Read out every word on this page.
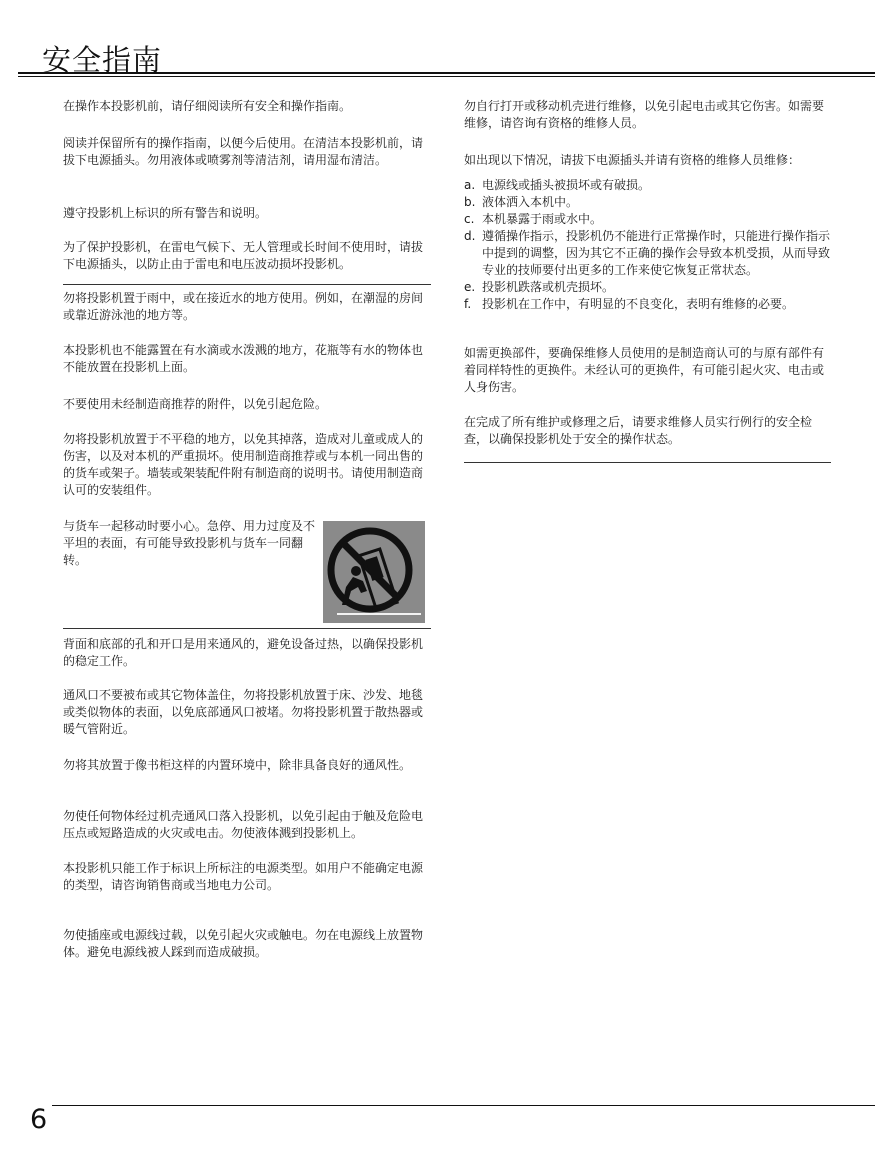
安全指南

在操作本投影机前，请仔细阅读所有安全和操作指南。

阅读并保留所有的操作指南，以便今后使用。在清洁本投影机前，请拔下电源插头。勿用液体或喷雾剂等清洁剂，请用湿布清洁。

遵守投影机上标识的所有警告和说明。

为了保护投影机，在雷电气候下、无人管理或长时间不使用时，请拔下电源插头，以防止由于雷电和电压波动损坏投影机。

勿将投影机置于雨中，或在接近水的地方使用。例如，在潮湿的房间或靠近游泳池的地方等。

本投影机也不能露置在有水滴或水泼溅的地方，花瓶等有水的物体也不能放置在投影机上面。

不要使用未经制造商推荐的附件，以免引起危险。

勿将投影机放置于不平稳的地方，以免其掉落，造成对儿童或成人的伤害，以及对本机的严重损坏。使用制造商推荐或与本机一同出售的的货车或架子。墙装或架装配件附有制造商的说明书。请使用制造商认可的安装组件。

与货车一起移动时要小心。急停、用力过度及不平坦的表面，有可能导致投影机与货车一同翻转。

背面和底部的孔和开口是用来通风的，避免设备过热，以确保投影机的稳定工作。

通风口不要被布或其它物体盖住，勿将投影机放置于床、沙发、地毯或类似物体的表面，以免底部通风口被堵。勿将投影机置于散热器或暖气管附近。

勿将其放置于像书柜这样的内置环境中，除非具备良好的通风性。

勿使任何物体经过机壳通风口落入投影机，以免引起由于触及危险电压点或短路造成的火灾或电击。勿使液体溅到投影机上。

本投影机只能工作于标识上所标注的电源类型。如用户不能确定电源的类型，请咨询销售商或当地电力公司。

勿使插座或电源线过载，以免引起火灾或触电。勿在电源线上放置物体。避免电源线被人踩到而造成破损。

勿自行打开或移动机壳进行维修，以免引起电击或其它伤害。如需要维修，请咨询有资格的维修人员。

如出现以下情况，请拔下电源插头并请有资格的维修人员维修：

a. 电源线或插头被损坏或有破损。
b. 液体洒入本机中。
c. 本机暴露于雨或水中。
d. 遵循操作指示，投影机仍不能进行正常操作时，只能进行操作指示中提到的调整，因为其它不正确的操作会导致本机受损，从而导致专业的技师要付出更多的工作来使它恢复正常状态。
e. 投影机跌落或机壳损坏。
f. 投影机在工作中，有明显的不良变化，表明有维修的必要。

如需更换部件，要确保维修人员使用的是制造商认可的与原有部件有着同样特性的更换件。未经认可的更换件，有可能引起火灾、电击或人身伤害。

在完成了所有维护或修理之后，请要求维修人员实行例行的安全检查，以确保投影机处于安全的操作状态。

6
